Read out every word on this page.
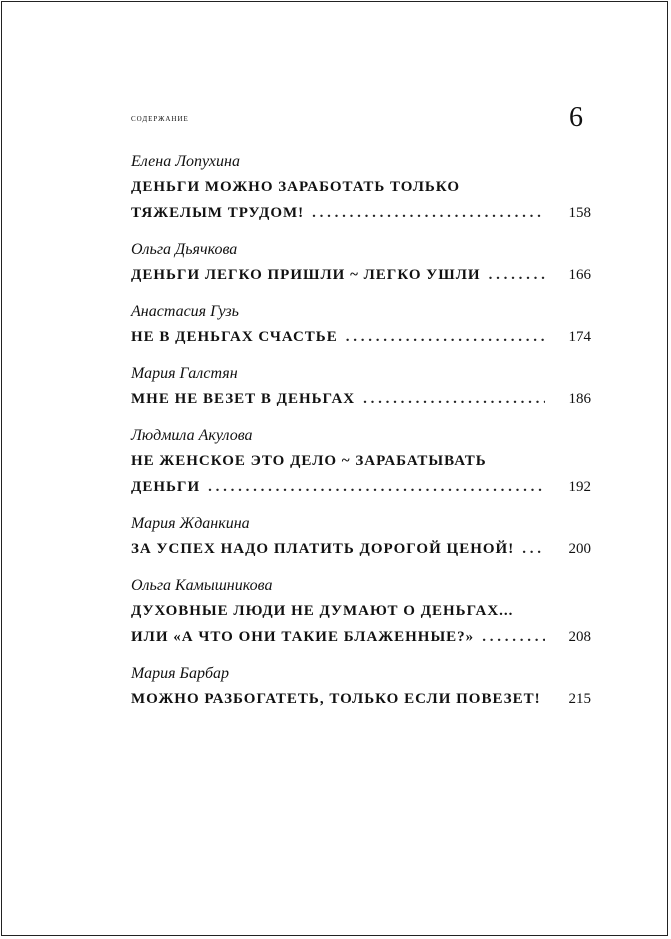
содержание	6
Елена Лопухина
ДЕНЬГИ МОЖНО ЗАРАБОТАТЬ ТОЛЬКО
ТЯЖЕЛЫМ ТРУДОМ! . . .	158
Ольга Дьячкова
ДЕНЬГИ ЛЕГКО ПРИШЛИ ~ ЛЕГКО УШЛИ . . .	166
Анастасия Гузь
НЕ В ДЕНЬГАХ СЧАСТЬЕ . . .	174
Мария Галстян
МНЕ НЕ ВЕЗЕТ В ДЕНЬГАХ . . .	186
Людмила Акулова
НЕ ЖЕНСКОЕ ЭТО ДЕЛО ~ ЗАРАБАТЫВАТЬ
ДЕНЬГИ . . .	192
Мария Жданкина
ЗА УСПЕХ НАДО ПЛАТИТЬ ДОРОГОЙ ЦЕНОЙ! . . .	200
Ольга Камышникова
ДУХОВНЫЕ ЛЮДИ НЕ ДУМАЮТ О ДЕНЬГАХ...
ИЛИ «А ЧТО ОНИ ТАКИЕ БЛАЖЕННЫЕ?» . . .	208
Мария Барбар
МОЖНО РАЗБОГАТЕТЬ, ТОЛЬКО ЕСЛИ ПОВЕЗЕТ!	215
